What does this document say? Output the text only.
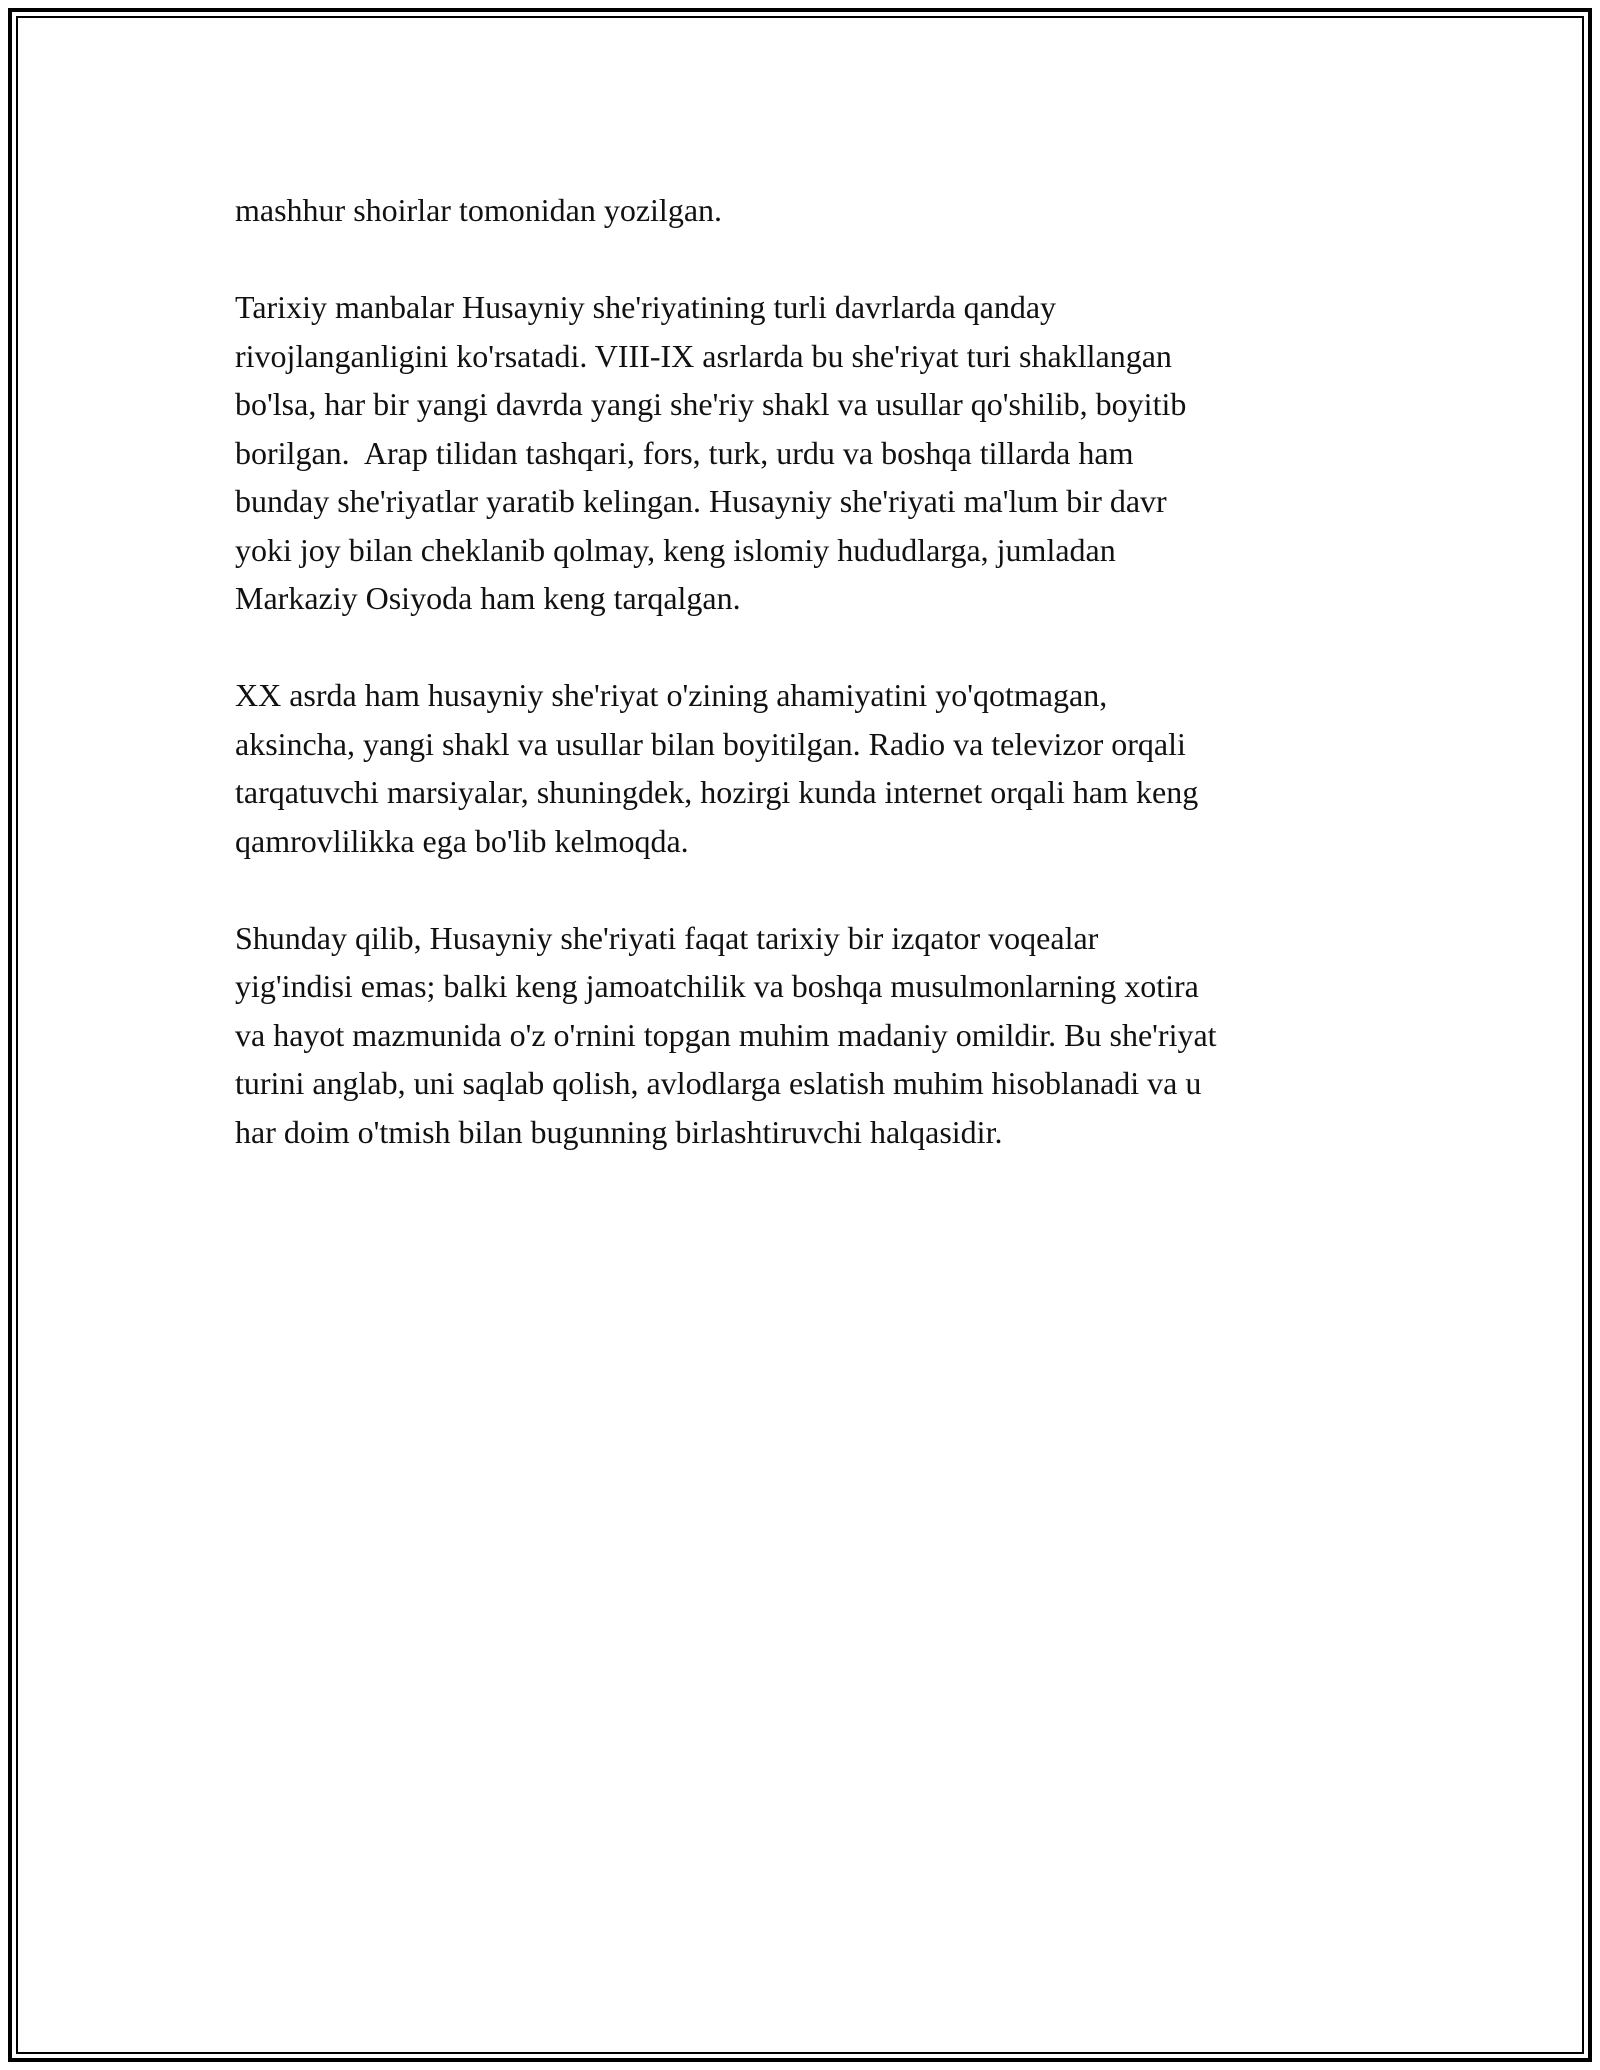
mashhur shoirlar tomonidan yozilgan.
Tarixiy manbalar Husayniy she'riyatining turli davrlarda qanday
rivojlanganligini ko'rsatadi. VIII-IX asrlarda bu she'riyat turi shakllangan
bo'lsa, har bir yangi davrda yangi she'riy shakl va usullar qo'shilib, boyitib
borilgan.  Arap tilidan tashqari, fors, turk, urdu va boshqa tillarda ham
bunday she'riyatlar yaratib kelingan. Husayniy she'riyati ma'lum bir davr
yoki joy bilan cheklanib qolmay, keng islomiy hududlarga, jumladan
Markaziy Osiyoda ham keng tarqalgan.
XX asrda ham husayniy she'riyat o'zining ahamiyatini yo'qotmagan,
aksincha, yangi shakl va usullar bilan boyitilgan. Radio va televizor orqali
tarqatuvchi marsiyalar, shuningdek, hozirgi kunda internet orqali ham keng
qamrovlilikka ega bo'lib kelmoqda.
Shunday qilib, Husayniy she'riyati faqat tarixiy bir izqator voqealar
yig'indisi emas; balki keng jamoatchilik va boshqa musulmonlarning xotira
va hayot mazmunida o'z o'rnini topgan muhim madaniy omildir. Bu she'riyat
turini anglab, uni saqlab qolish, avlodlarga eslatish muhim hisoblanadi va u
har doim o'tmish bilan bugunning birlashtiruvchi halqasidir.
